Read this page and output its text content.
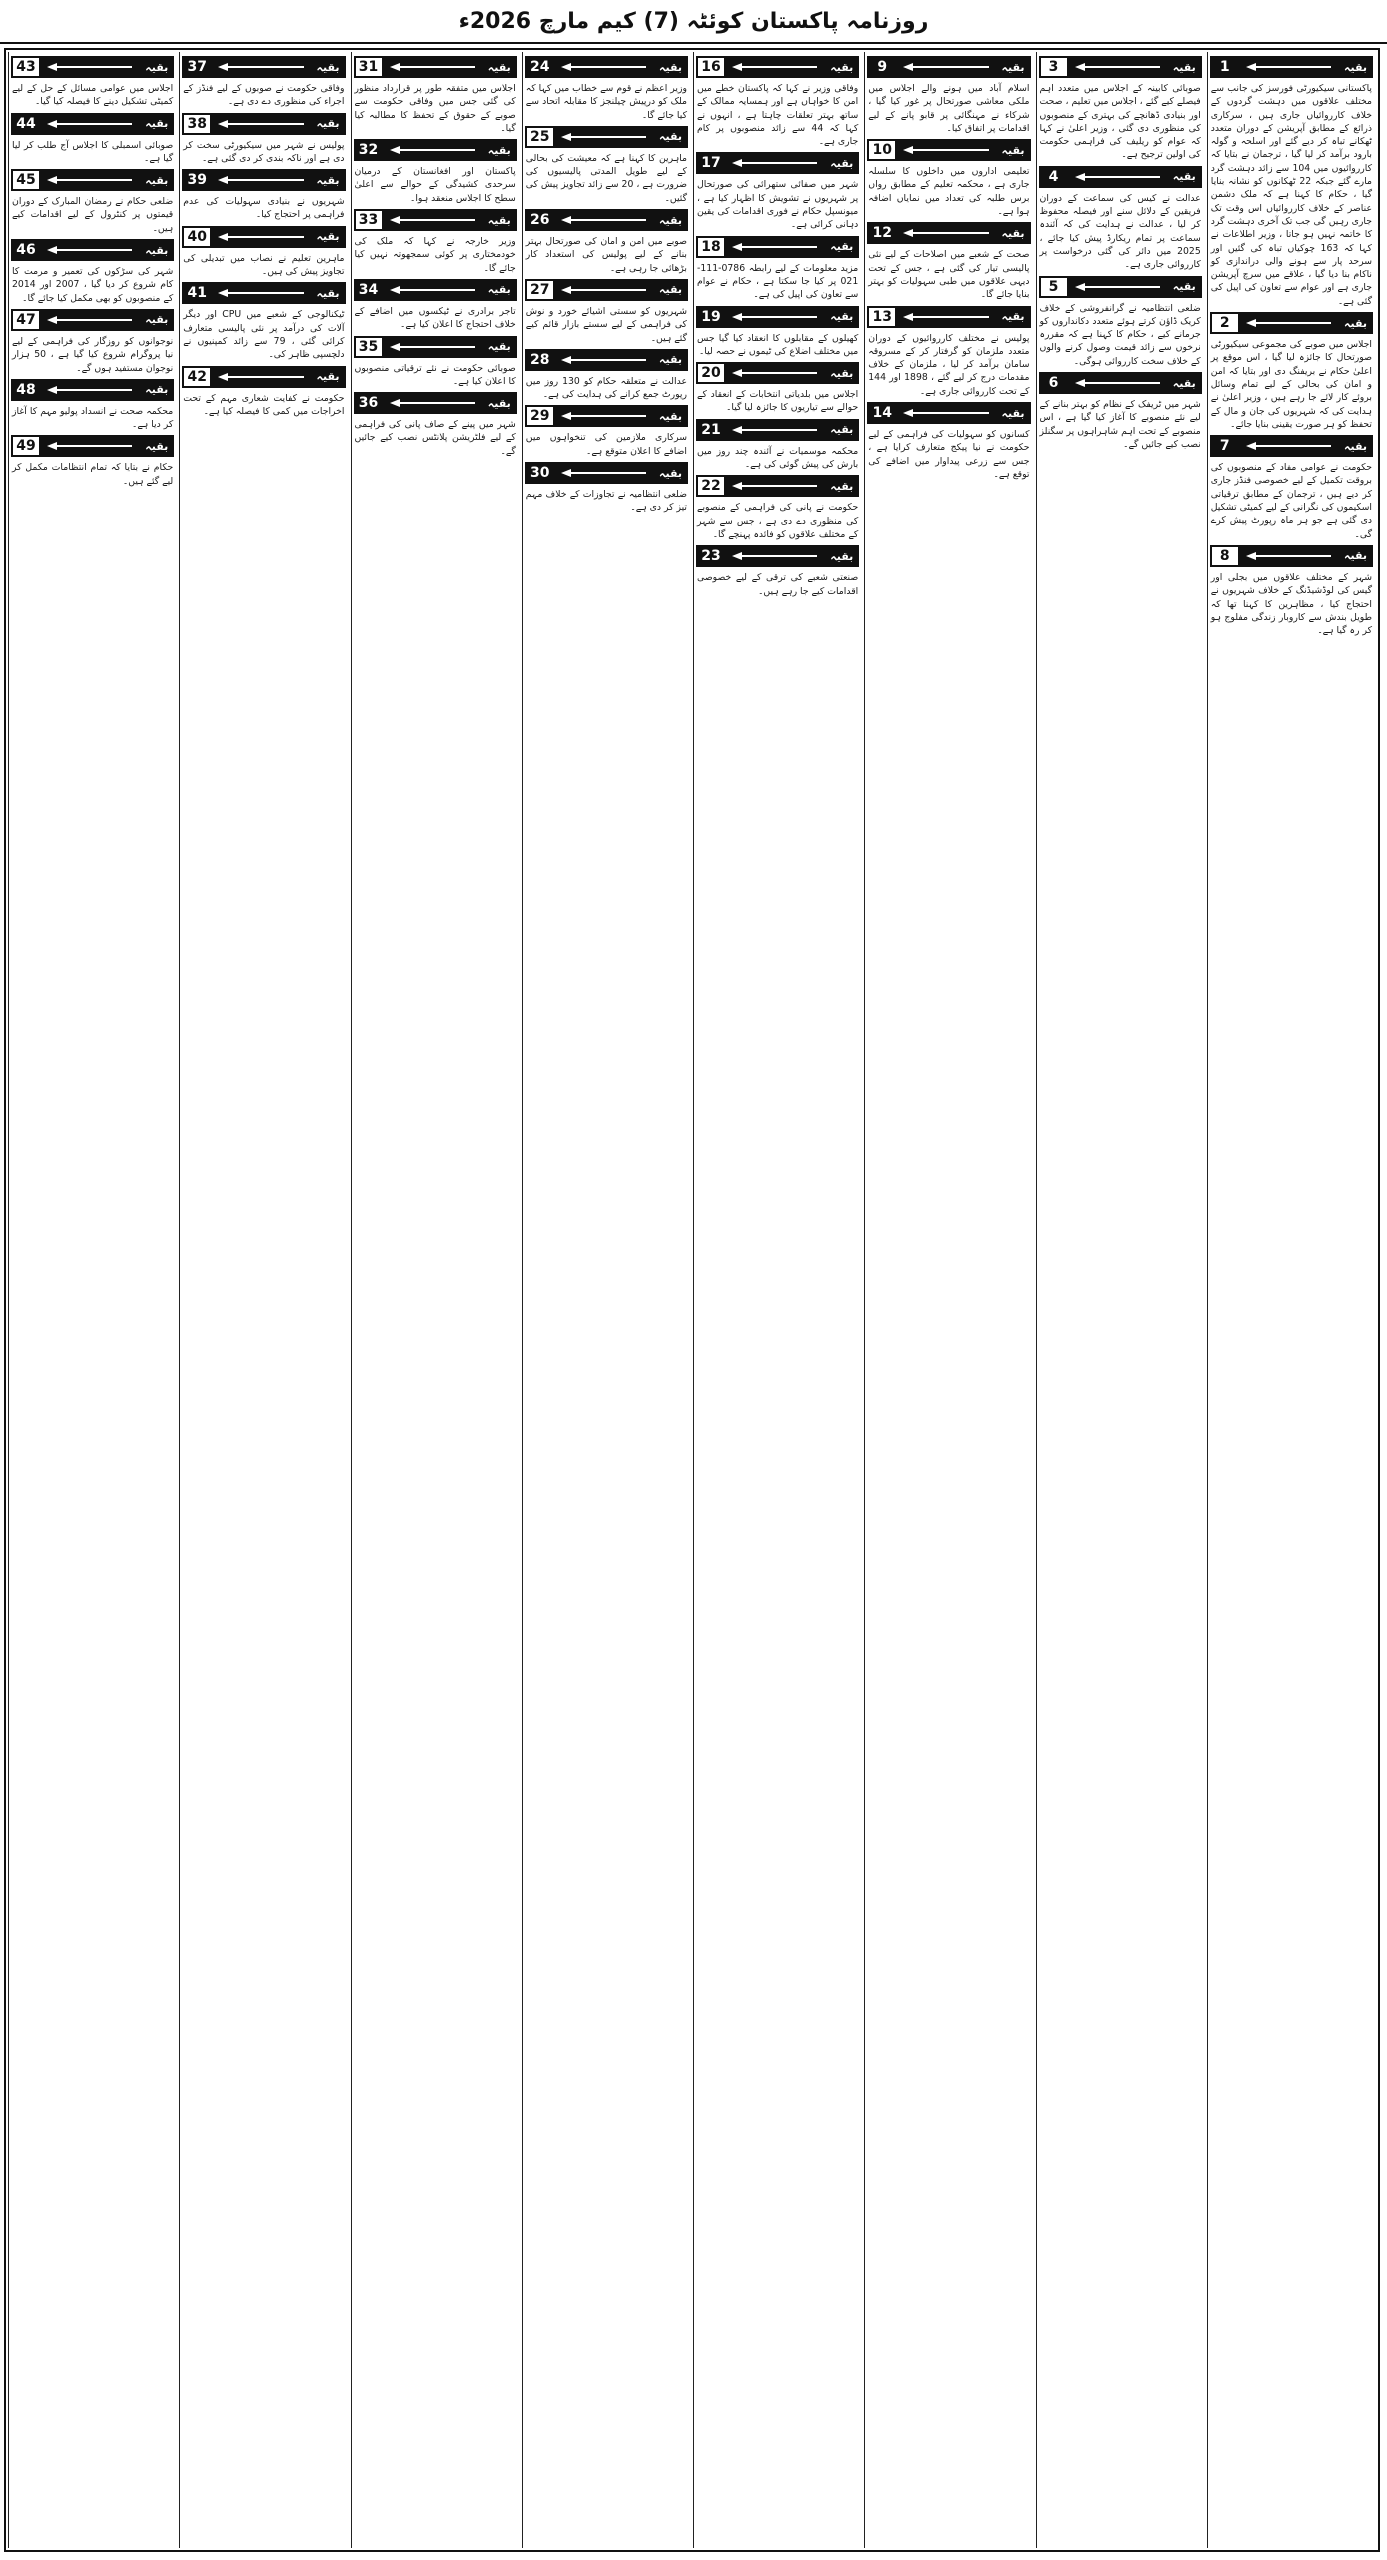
روزنامہ پاکستان کوئٹہ (7) کیم مارچ 2026ء
1	بقیہ
پاکستانی سیکیورٹی فورسز کی جانب سے مختلف علاقوں میں دہشت گردوں کے خلاف کارروائیاں جاری ہیں ، سرکاری ذرائع کے مطابق آپریشن کے دوران متعدد ٹھکانے تباہ کر دیے گئے اور اسلحہ و گولہ بارود برآمد کر لیا گیا ، ترجمان نے بتایا کہ کارروائیوں میں 104 سے زائد دہشت گرد مارے گئے جبکہ 22 ٹھکانوں کو نشانہ بنایا گیا ، حکام کا کہنا ہے کہ ملک دشمن عناصر کے خلاف کارروائیاں اس وقت تک جاری رہیں گی جب تک آخری دہشت گرد کا خاتمہ نہیں ہو جاتا ، وزیر اطلاعات نے کہا کہ 163 چوکیاں تباہ کی گئیں اور سرحد پار سے ہونے والی دراندازی کو ناکام بنا دیا گیا ، علاقے میں سرچ آپریشن جاری ہے اور عوام سے تعاون کی اپیل کی گئی ہے۔
2	بقیہ
اجلاس میں صوبے کی مجموعی سیکیورٹی صورتحال کا جائزہ لیا گیا ، اس موقع پر اعلیٰ حکام نے بریفنگ دی اور بتایا کہ امن و امان کی بحالی کے لیے تمام وسائل بروئے کار لائے جا رہے ہیں ، وزیر اعلیٰ نے ہدایت کی کہ شہریوں کی جان و مال کے تحفظ کو ہر صورت یقینی بنایا جائے۔
7	بقیہ
حکومت نے عوامی مفاد کے منصوبوں کی بروقت تکمیل کے لیے خصوصی فنڈز جاری کر دیے ہیں ، ترجمان کے مطابق ترقیاتی اسکیموں کی نگرانی کے لیے کمیٹی تشکیل دی گئی ہے جو ہر ماہ رپورٹ پیش کرے گی۔
8	بقیہ
شہر کے مختلف علاقوں میں بجلی اور گیس کی لوڈشیڈنگ کے خلاف شہریوں نے احتجاج کیا ، مظاہرین کا کہنا تھا کہ طویل بندش سے کاروبار زندگی مفلوج ہو کر رہ گیا ہے۔
3	بقیہ
صوبائی کابینہ کے اجلاس میں متعدد اہم فیصلے کیے گئے ، اجلاس میں تعلیم ، صحت اور بنیادی ڈھانچے کی بہتری کے منصوبوں کی منظوری دی گئی ، وزیر اعلیٰ نے کہا کہ عوام کو ریلیف کی فراہمی حکومت کی اولین ترجیح ہے۔
4	بقیہ
عدالت نے کیس کی سماعت کے دوران فریقین کے دلائل سنے اور فیصلہ محفوظ کر لیا ، عدالت نے ہدایت کی کہ آئندہ سماعت پر تمام ریکارڈ پیش کیا جائے ، 2025 میں دائر کی گئی درخواست پر کارروائی جاری ہے۔
5	بقیہ
ضلعی انتظامیہ نے گرانفروشی کے خلاف کریک ڈاؤن کرتے ہوئے متعدد دکانداروں کو جرمانے کیے ، حکام کا کہنا ہے کہ مقررہ نرخوں سے زائد قیمت وصول کرنے والوں کے خلاف سخت کارروائی ہوگی۔
6	بقیہ
شہر میں ٹریفک کے نظام کو بہتر بنانے کے لیے نئے منصوبے کا آغاز کیا گیا ہے ، اس منصوبے کے تحت اہم شاہراہوں پر سگنلز نصب کیے جائیں گے۔
9	بقیہ
اسلام آباد میں ہونے والے اجلاس میں ملکی معاشی صورتحال پر غور کیا گیا ، شرکاء نے مہنگائی پر قابو پانے کے لیے اقدامات پر اتفاق کیا۔
10	بقیہ
تعلیمی اداروں میں داخلوں کا سلسلہ جاری ہے ، محکمہ تعلیم کے مطابق رواں برس طلبہ کی تعداد میں نمایاں اضافہ ہوا ہے۔
12	بقیہ
صحت کے شعبے میں اصلاحات کے لیے نئی پالیسی تیار کی گئی ہے ، جس کے تحت دیہی علاقوں میں طبی سہولیات کو بہتر بنایا جائے گا۔
13	بقیہ
پولیس نے مختلف کارروائیوں کے دوران متعدد ملزمان کو گرفتار کر کے مسروقہ سامان برآمد کر لیا ، ملزمان کے خلاف مقدمات درج کر لیے گئے ، 1898 اور 144 کے تحت کارروائی جاری ہے۔
14	بقیہ
کسانوں کو سہولیات کی فراہمی کے لیے حکومت نے نیا پیکج متعارف کرایا ہے ، جس سے زرعی پیداوار میں اضافے کی توقع ہے۔
16	بقیہ
وفاقی وزیر نے کہا کہ پاکستان خطے میں امن کا خواہاں ہے اور ہمسایہ ممالک کے ساتھ بہتر تعلقات چاہتا ہے ، انہوں نے کہا کہ 44 سے زائد منصوبوں پر کام جاری ہے۔
17	بقیہ
شہر میں صفائی ستھرائی کی صورتحال پر شہریوں نے تشویش کا اظہار کیا ہے ، میونسپل حکام نے فوری اقدامات کی یقین دہانی کرائی ہے۔
18	بقیہ
مزید معلومات کے لیے رابطہ 0786-111-021 پر کیا جا سکتا ہے ، حکام نے عوام سے تعاون کی اپیل کی ہے۔
19	بقیہ
کھیلوں کے مقابلوں کا انعقاد کیا گیا جس میں مختلف اضلاع کی ٹیموں نے حصہ لیا۔
20	بقیہ
اجلاس میں بلدیاتی انتخابات کے انعقاد کے حوالے سے تیاریوں کا جائزہ لیا گیا۔
21	بقیہ
محکمہ موسمیات نے آئندہ چند روز میں بارش کی پیش گوئی کی ہے۔
22	بقیہ
حکومت نے پانی کی فراہمی کے منصوبے کی منظوری دے دی ہے ، جس سے شہر کے مختلف علاقوں کو فائدہ پہنچے گا۔
23	بقیہ
صنعتی شعبے کی ترقی کے لیے خصوصی اقدامات کیے جا رہے ہیں۔
24	بقیہ
وزیر اعظم نے قوم سے خطاب میں کہا کہ ملک کو درپیش چیلنجز کا مقابلہ اتحاد سے کیا جائے گا۔
25	بقیہ
ماہرین کا کہنا ہے کہ معیشت کی بحالی کے لیے طویل المدتی پالیسیوں کی ضرورت ہے ، 20 سے زائد تجاویز پیش کی گئیں۔
26	بقیہ
صوبے میں امن و امان کی صورتحال بہتر بنانے کے لیے پولیس کی استعداد کار بڑھائی جا رہی ہے۔
27	بقیہ
شہریوں کو سستی اشیائے خورد و نوش کی فراہمی کے لیے سستے بازار قائم کیے گئے ہیں۔
28	بقیہ
عدالت نے متعلقہ حکام کو 130 روز میں رپورٹ جمع کرانے کی ہدایت کی ہے۔
29	بقیہ
سرکاری ملازمین کی تنخواہوں میں اضافے کا اعلان متوقع ہے۔
30	بقیہ
ضلعی انتظامیہ نے تجاوزات کے خلاف مہم تیز کر دی ہے۔
31	بقیہ
اجلاس میں متفقہ طور پر قرارداد منظور کی گئی جس میں وفاقی حکومت سے صوبے کے حقوق کے تحفظ کا مطالبہ کیا گیا۔
32	بقیہ
پاکستان اور افغانستان کے درمیان سرحدی کشیدگی کے حوالے سے اعلیٰ سطح کا اجلاس منعقد ہوا۔
33	بقیہ
وزیر خارجہ نے کہا کہ ملک کی خودمختاری پر کوئی سمجھوتہ نہیں کیا جائے گا۔
34	بقیہ
تاجر برادری نے ٹیکسوں میں اضافے کے خلاف احتجاج کا اعلان کیا ہے۔
35	بقیہ
صوبائی حکومت نے نئے ترقیاتی منصوبوں کا اعلان کیا ہے۔
36	بقیہ
شہر میں پینے کے صاف پانی کی فراہمی کے لیے فلٹریشن پلانٹس نصب کیے جائیں گے۔
37	بقیہ
وفاقی حکومت نے صوبوں کے لیے فنڈز کے اجراء کی منظوری دے دی ہے۔
38	بقیہ
پولیس نے شہر میں سیکیورٹی سخت کر دی ہے اور ناکہ بندی کر دی گئی ہے۔
39	بقیہ
شہریوں نے بنیادی سہولیات کی عدم فراہمی پر احتجاج کیا۔
40	بقیہ
ماہرین تعلیم نے نصاب میں تبدیلی کی تجاویز پیش کی ہیں۔
41	بقیہ
ٹیکنالوجی کے شعبے میں CPU اور دیگر آلات کی درآمد پر نئی پالیسی متعارف کرائی گئی ، 79 سے زائد کمپنیوں نے دلچسپی ظاہر کی۔
42	بقیہ
حکومت نے کفایت شعاری مہم کے تحت اخراجات میں کمی کا فیصلہ کیا ہے۔
43	بقیہ
اجلاس میں عوامی مسائل کے حل کے لیے کمیٹی تشکیل دینے کا فیصلہ کیا گیا۔
44	بقیہ
صوبائی اسمبلی کا اجلاس آج طلب کر لیا گیا ہے۔
45	بقیہ
ضلعی حکام نے رمضان المبارک کے دوران قیمتوں پر کنٹرول کے لیے اقدامات کیے ہیں۔
46	بقیہ
شہر کی سڑکوں کی تعمیر و مرمت کا کام شروع کر دیا گیا ، 2007 اور 2014 کے منصوبوں کو بھی مکمل کیا جائے گا۔
47	بقیہ
نوجوانوں کو روزگار کی فراہمی کے لیے نیا پروگرام شروع کیا گیا ہے ، 50 ہزار نوجوان مستفید ہوں گے۔
48	بقیہ
محکمہ صحت نے انسداد پولیو مہم کا آغاز کر دیا ہے۔
49	بقیہ
حکام نے بتایا کہ تمام انتظامات مکمل کر لیے گئے ہیں۔
